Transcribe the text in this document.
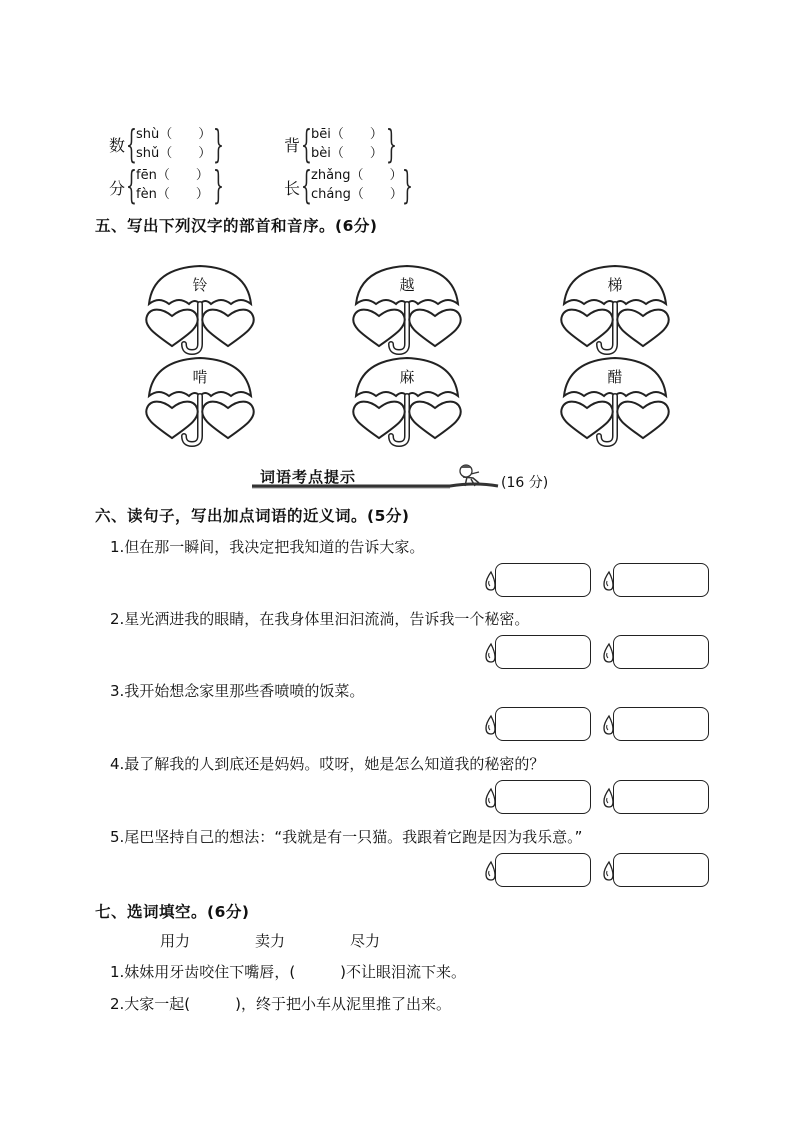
数 { shù（　　）
shǔ（　　） }	背 { bēi（　　）
bèi（　　） }
分 { fēn（　　）
fèn（　　） }	长 { zhǎng（　　）
cháng（　　） }
五、写出下列汉字的部首和音序。(6分)
铃	越	梯
啃	麻	醋
词语考点提示	(16 分)
六、读句子，写出加点词语的近义词。(5分)
1.但在那一瞬间，我决定把我知道的告诉大家。
2.星光洒进我的眼睛，在我身体里汩汩流淌，告诉我一个秘密。
3.我开始想念家里那些香喷喷的饭菜。
4.最了解我的人到底还是妈妈。哎呀，她是怎么知道我的秘密的？
5.尾巴坚持自己的想法：“我就是有一只猫。我跟着它跑是因为我乐意。”
七、选词填空。(6分)
用力	卖力	尽力
1.妹妹用牙齿咬住下嘴唇，(　　　)不让眼泪流下来。
2.大家一起(　　　)，终于把小车从泥里推了出来。
